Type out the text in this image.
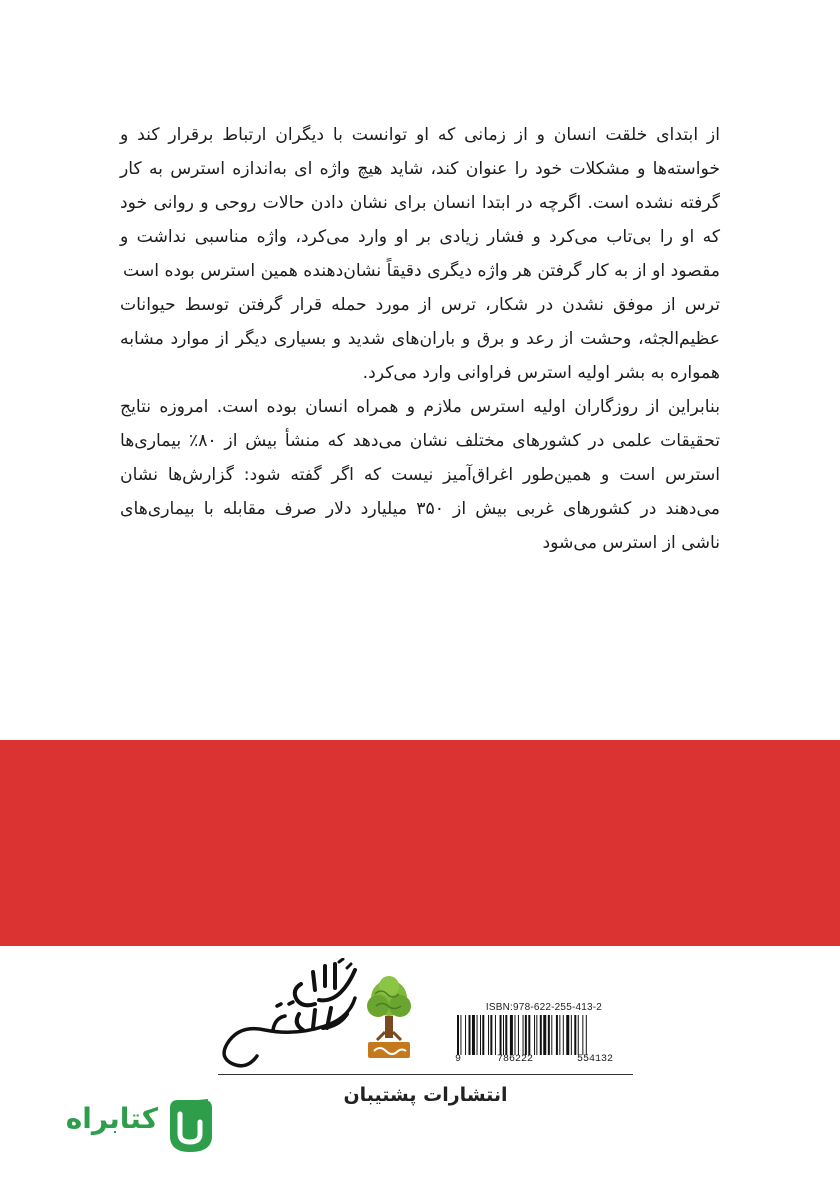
از ابتدای خلقت انسان و از زمانی که او توانست با دیگران ارتباط برقرار کند و خواسته‌ها و مشکلات خود را عنوان کند، شاید هیچ واژه ای به‌اندازه استرس به کار گرفته نشده است. اگرچه در ابتدا انسان برای نشان دادن حالات روحی و روانی خود که او را بی‌تاب می‌کرد و فشار زیادی بر او وارد می‌کرد، واژه مناسبی نداشت و مقصود او از به کار گرفتن هر واژه دیگری دقیقاً نشان‌دهنده همین استرس بوده است

ترس از موفق نشدن در شکار، ترس از مورد حمله قرار گرفتن توسط حیوانات عظیم‌الجثه، وحشت از رعد و برق و باران‌های شدید و بسیاری دیگر از موارد مشابه همواره به بشر اولیه استرس فراوانی وارد می‌کرد.

بنابراین از روزگاران اولیه استرس ملازم و همراه انسان بوده است. امروزه نتایج تحقیقات علمی در کشورهای مختلف نشان می‌دهد که منشأ بیش از ۸۰٪ بیماری‌ها استرس است و همین‌طور اغراق‌آمیز نیست که اگر گفته شود: گزارش‌ها نشان می‌دهند در کشورهای غربی بیش از ۳۵۰ میلیارد دلار صرف مقابله با بیماری‌های ناشی از استرس می‌شود

ISBN:978-622-255-413-2
9	786222	554132
انتشارات پشتیبان
کتابراه
